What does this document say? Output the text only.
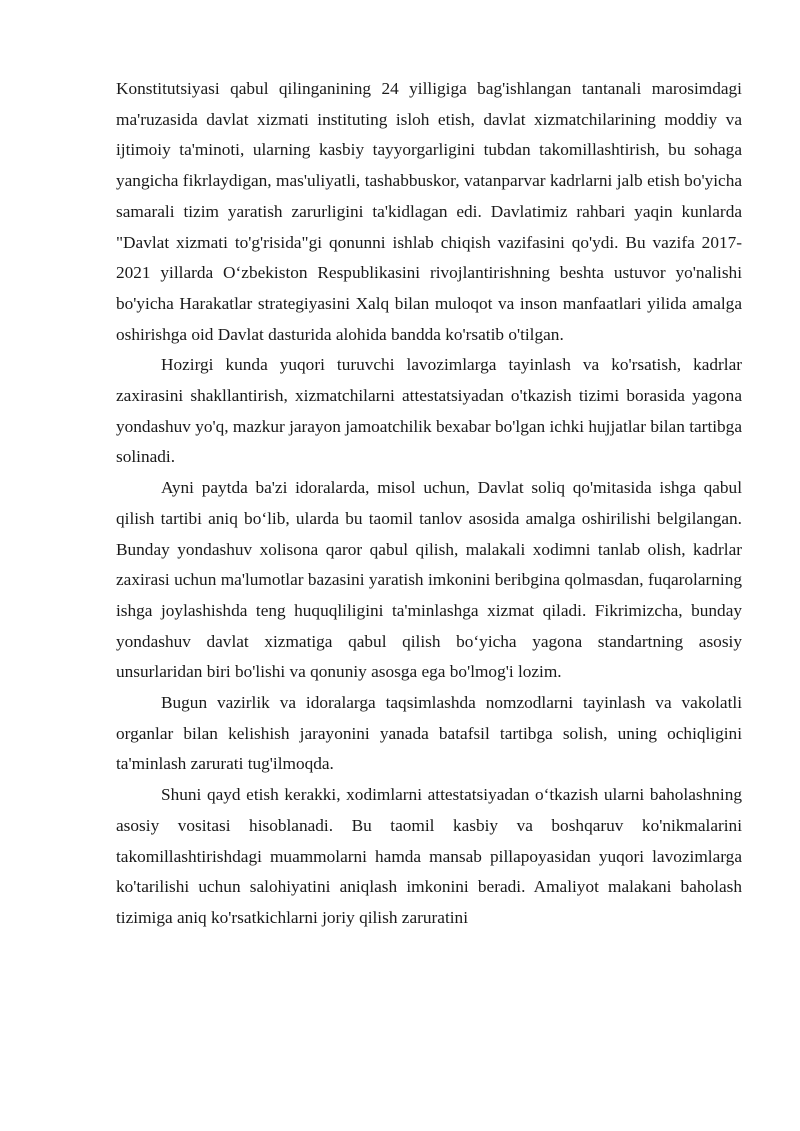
Konstitutsiyasi qabul qilinganining 24 yilligiga bag'ishlangan tantanali marosimdagi ma'ruzasida davlat xizmati instituting isloh etish, davlat xizmatchilarining moddiy va ijtimoiy ta'minoti, ularning kasbiy tayyorgarligini tubdan takomillashtirish, bu sohaga yangicha fikrlaydigan, mas'uliyatli, tashabbuskor, vatanparvar kadrlarni jalb etish bo'yicha samarali tizim yaratish zarurligini ta'kidlagan edi. Davlatimiz rahbari yaqin kunlarda "Davlat xizmati to'g'risida"gi qonunni ishlab chiqish vazifasini qo'ydi. Bu vazifa 2017-2021 yillarda O‘zbekiston Respublikasini rivojlantirishning beshta ustuvor yo'nalishi bo'yicha Harakatlar strategiyasini Xalq bilan muloqot va inson manfaatlari yilida amalga oshirishga oid Davlat dasturida alohida bandda ko'rsatib o'tilgan.

Hozirgi kunda yuqori turuvchi lavozimlarga tayinlash va ko'rsatish, kadrlar zaxirasini shakllantirish, xizmatchilarni attestatsiyadan o'tkazish tizimi borasida yagona yondashuv yo'q, mazkur jarayon jamoatchilik bexabar bo'lgan ichki hujjatlar bilan tartibga solinadi.

Ayni paytda ba'zi idoralarda, misol uchun, Davlat soliq qo'mitasida ishga qabul qilish tartibi aniq bo‘lib, ularda bu taomil tanlov asosida amalga oshirilishi belgilangan. Bunday yondashuv xolisona qaror qabul qilish, malakali xodimni tanlab olish, kadrlar zaxirasi uchun ma'lumotlar bazasini yaratish imkonini beribgina qolmasdan, fuqarolarning ishga joylashishda teng huquqliligini ta'minlashga xizmat qiladi. Fikrimizcha, bunday yondashuv davlat xizmatiga qabul qilish bo‘yicha yagona standartning asosiy unsurlaridan biri bo'lishi va qonuniy asosga ega bo'lmog'i lozim.

Bugun vazirlik va idoralarga taqsimlashda nomzodlarni tayinlash va vakolatli organlar bilan kelishish jarayonini yanada batafsil tartibga solish, uning ochiqligini ta'minlash zarurati tug'ilmoqda.

Shuni qayd etish kerakki, xodimlarni attestatsiyadan o‘tkazish ularni baholashning asosiy vositasi hisoblanadi. Bu taomil kasbiy va boshqaruv ko'nikmalarini takomillashtirishdagi muammolarni hamda mansab pillapoyasidan yuqori lavozimlarga ko'tarilishi uchun salohiyatini aniqlash imkonini beradi. Amaliyot malakani baholash tizimiga aniq ko'rsatkichlarni joriy qilish zaruratini
